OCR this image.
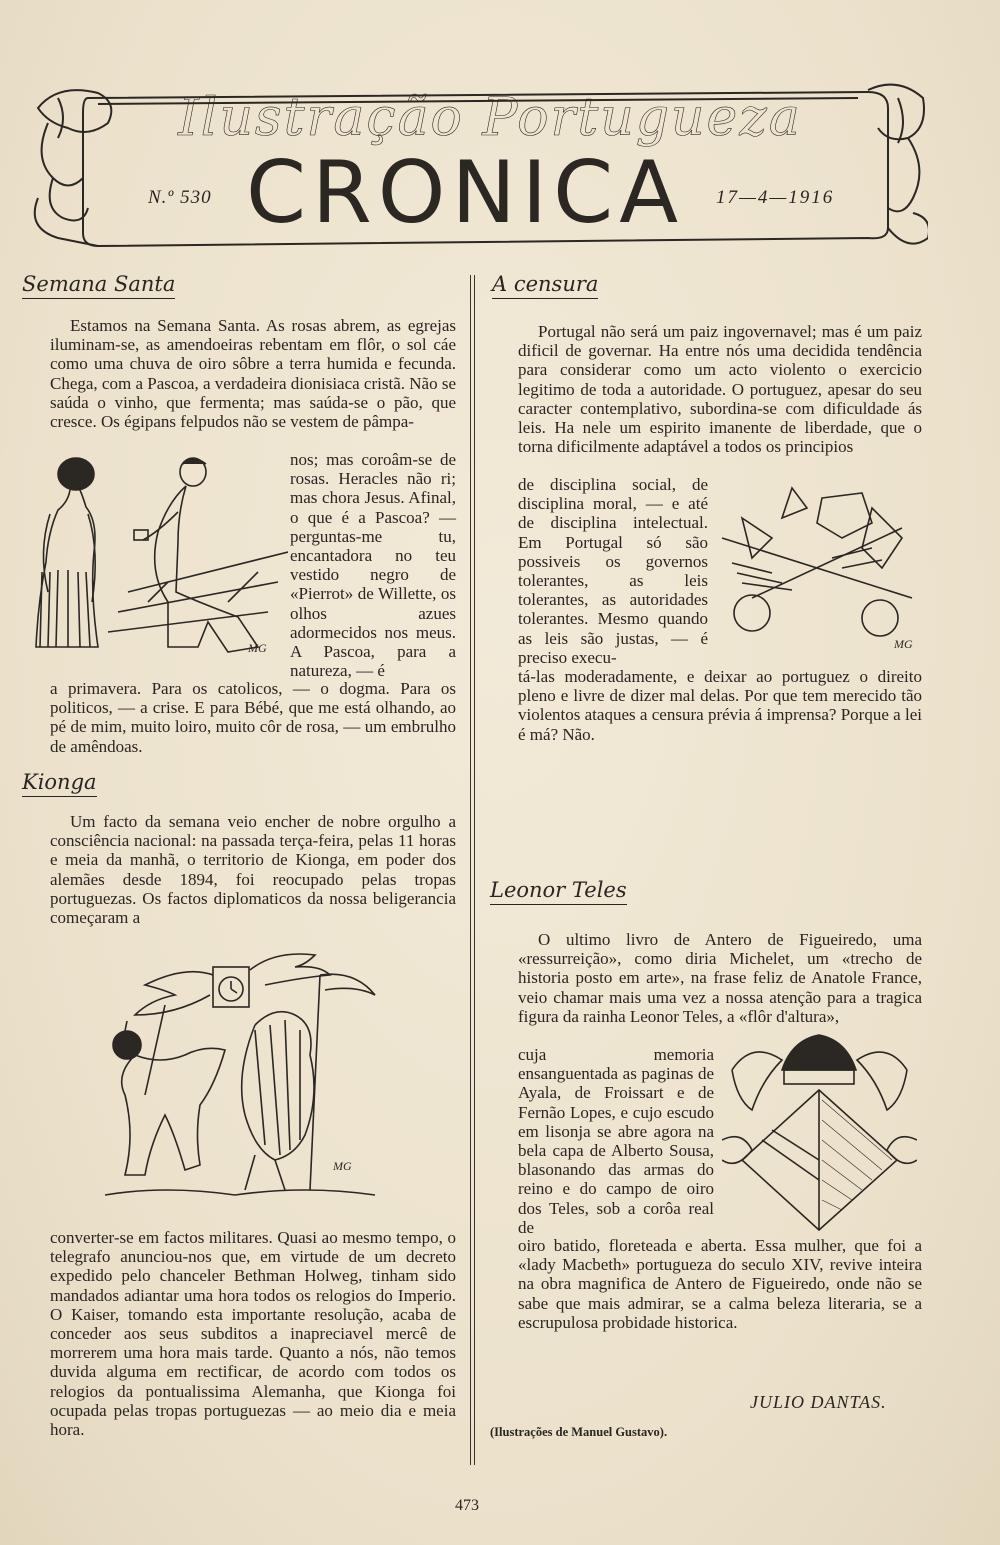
Ilustração Portugueza
N.º 530 CRONICA 17—4—1916
Semana Santa

Estamos na Semana Santa. As rosas abrem, as egrejas iluminam-se, as amendoeiras rebentam em flôr, o sol cáe como uma chuva de oiro sôbre a terra humida e fecunda. Chega, com a Pascoa, a verdadeira dionisiaca cristã. Não se saúda o vinho, que fermenta; mas saúda-se o pão, que cresce. Os égipans felpudos não se vestem de pâmpa-

MG

nos; mas coroâm-se de rosas. Heracles não ri; mas chora Jesus. Afinal, o que é a Pascoa? — perguntas-me tu, encantadora no teu vestido negro de «Pierrot» de Willette, os olhos azues adormecidos nos meus. A Pascoa, para a natureza, — é

a primavera. Para os catolicos, — o dogma. Para os politicos, — a crise. E para Bébé, que me está olhando, ao pé de mim, muito loiro, muito côr de rosa, — um embrulho de amêndoas.

Kionga

Um facto da semana veio encher de nobre orgulho a consciência nacional: na passada terça-feira, pelas 11 horas e meia da manhã, o territorio de Kionga, em poder dos alemães desde 1894, foi reocupado pelas tropas portuguezas. Os factos diplomaticos da nossa beligerancia começaram a

MG

converter-se em factos militares. Quasi ao mesmo tempo, o telegrafo anunciou-nos que, em virtude de um decreto expedido pelo chanceler Bethman Holweg, tinham sido mandados adiantar uma hora todos os relogios do Imperio. O Kaiser, tomando esta importante resolução, acaba de conceder aos seus subditos a inapreciavel mercê de morrerem uma hora mais tarde. Quanto a nós, não temos duvida alguma em rectificar, de acordo com todos os relogios da pontualissima Alemanha, que Kionga foi ocupada pelas tropas portuguezas — ao meio dia e meia hora.

A censura

Portugal não será um paiz ingovernavel; mas é um paiz dificil de governar. Ha entre nós uma decidida tendência para considerar como um acto violento o exercicio legitimo de toda a autoridade. O portuguez, apesar do seu caracter contemplativo, subordina-se com dificuldade ás leis. Ha nele um espirito imanente de liberdade, que o torna dificilmente adaptável a todos os principios

de disciplina social, de disciplina moral, — e até de disciplina intelectual. Em Portugal só são possiveis os governos tolerantes, as leis tolerantes, as autoridades tolerantes. Mesmo quando as leis são justas, — é preciso execu-

MG

tá-las moderadamente, e deixar ao portuguez o direito pleno e livre de dizer mal delas. Por que tem merecido tão violentos ataques a censura prévia á imprensa? Porque a lei é má? Não.

Leonor Teles

O ultimo livro de Antero de Figueiredo, uma «ressurreição», como diria Michelet, um «trecho de historia posto em arte», na frase feliz de Anatole France, veio chamar mais uma vez a nossa atenção para a tragica figura da rainha Leonor Teles, a «flôr d'altura»,

cuja memoria ensanguentada as paginas de Ayala, de Froissart e de Fernão Lopes, e cujo escudo em lisonja se abre agora na bela capa de Alberto Sousa, blasonando das armas do reino e do campo de oiro dos Teles, sob a corôa real de

oiro batido, floreteada e aberta. Essa mulher, que foi a «lady Macbeth» portugueza do seculo XIV, revive inteira na obra magnifica de Antero de Figueiredo, onde não se sabe que mais admirar, se a calma beleza literaria, se a escrupulosa probidade historica.

JULIO DANTAS.
(Ilustrações de Manuel Gustavo).
473
